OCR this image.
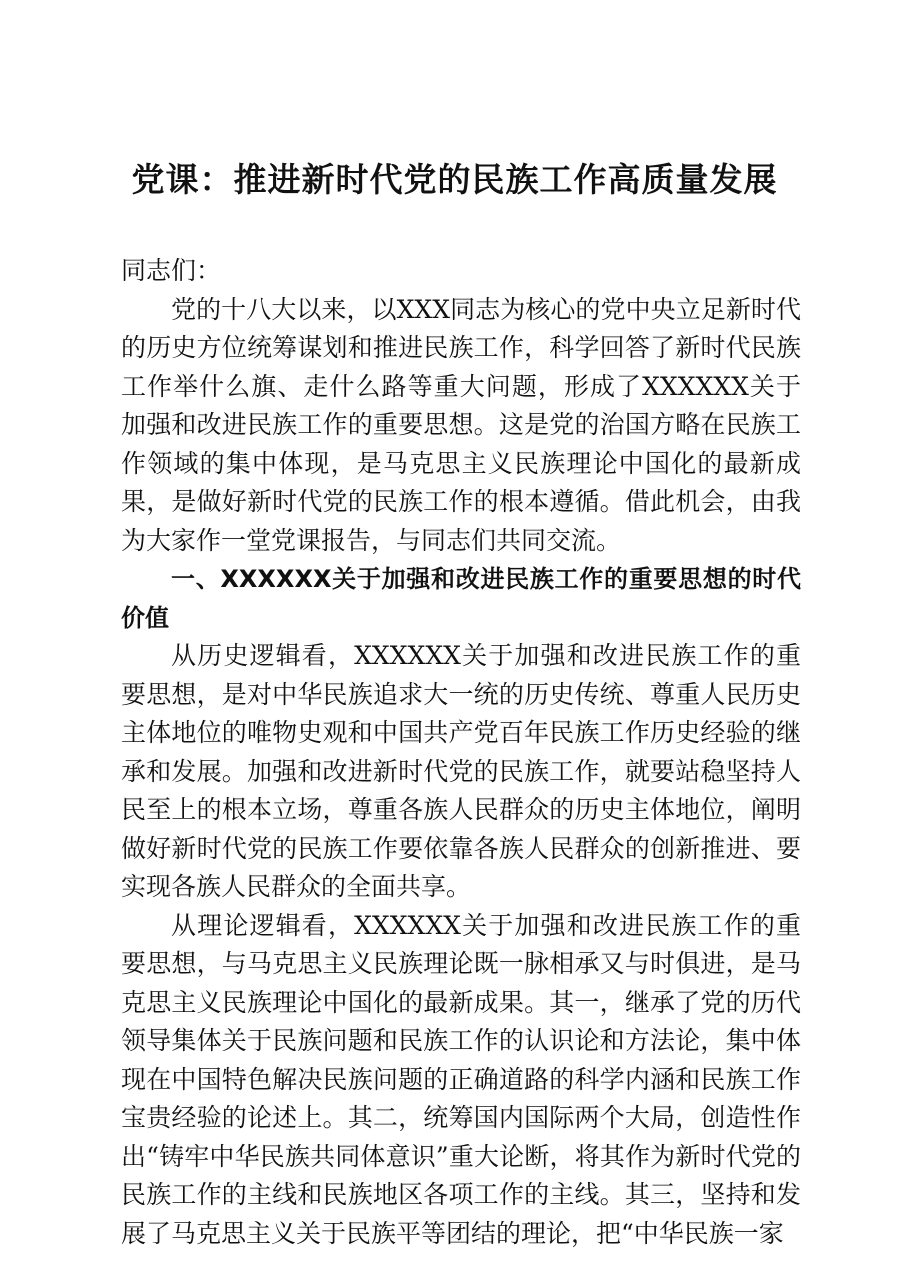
党课：推进新时代党的民族工作高质量发展

同志们：

党的十八大以来，以XXX同志为核心的党中央立足新时代的历史方位统筹谋划和推进民族工作，科学回答了新时代民族工作举什么旗、走什么路等重大问题，形成了XXXXXX关于加强和改进民族工作的重要思想。这是党的治国方略在民族工作领域的集中体现，是马克思主义民族理论中国化的最新成果，是做好新时代党的民族工作的根本遵循。借此机会，由我为大家作一堂党课报告，与同志们共同交流。

一、XXXXXX关于加强和改进民族工作的重要思想的时代价值

从历史逻辑看，XXXXXX关于加强和改进民族工作的重要思想，是对中华民族追求大一统的历史传统、尊重人民历史主体地位的唯物史观和中国共产党百年民族工作历史经验的继承和发展。加强和改进新时代党的民族工作，就要站稳坚持人民至上的根本立场，尊重各族人民群众的历史主体地位，阐明做好新时代党的民族工作要依靠各族人民群众的创新推进、要实现各族人民群众的全面共享。

从理论逻辑看，XXXXXX关于加强和改进民族工作的重要思想，与马克思主义民族理论既一脉相承又与时俱进，是马克思主义民族理论中国化的最新成果。其一，继承了党的历代领导集体关于民族问题和民族工作的认识论和方法论，集中体现在中国特色解决民族问题的正确道路的科学内涵和民族工作宝贵经验的论述上。其二，统筹国内国际两个大局，创造性作出“铸牢中华民族共同体意识”重大论断，将其作为新时代党的民族工作的主线和民族地区各项工作的主线。其三，坚持和发展了马克思主义关于民族平等团结的理论，把“中华民族一家
